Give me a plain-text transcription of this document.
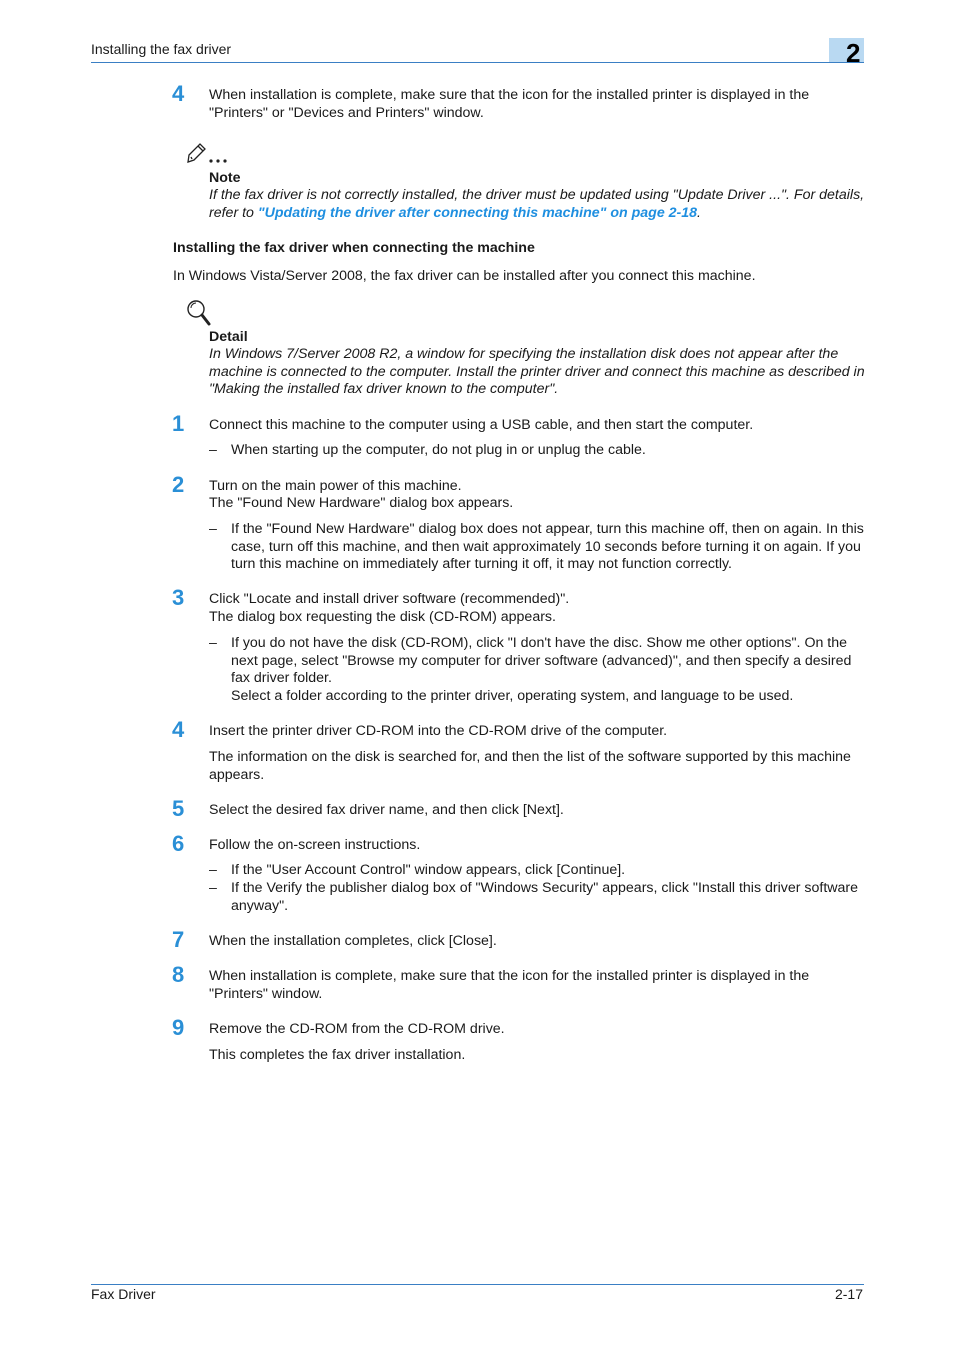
Installing the fax driver	2
4 When installation is complete, make sure that the icon for the installed printer is displayed in the "Printers" or "Devices and Printers" window.
Note
If the fax driver is not correctly installed, the driver must be updated using "Update Driver ...". For details, refer to "Updating the driver after connecting this machine" on page 2-18.
Installing the fax driver when connecting the machine
In Windows Vista/Server 2008, the fax driver can be installed after you connect this machine.
Detail
In Windows 7/Server 2008 R2, a window for specifying the installation disk does not appear after the machine is connected to the computer. Install the printer driver and connect this machine as described in "Making the installed fax driver known to the computer".
1 Connect this machine to the computer using a USB cable, and then start the computer.
– When starting up the computer, do not plug in or unplug the cable.
2 Turn on the main power of this machine.
The "Found New Hardware" dialog box appears.
– If the "Found New Hardware" dialog box does not appear, turn this machine off, then on again. In this case, turn off this machine, and then wait approximately 10 seconds before turning it on again. If you turn this machine on immediately after turning it off, it may not function correctly.
3 Click "Locate and install driver software (recommended)".
The dialog box requesting the disk (CD-ROM) appears.
– If you do not have the disk (CD-ROM), click "I don't have the disc. Show me other options". On the next page, select "Browse my computer for driver software (advanced)", and then specify a desired fax driver folder.
Select a folder according to the printer driver, operating system, and language to be used.
4 Insert the printer driver CD-ROM into the CD-ROM drive of the computer.
The information on the disk is searched for, and then the list of the software supported by this machine appears.
5 Select the desired fax driver name, and then click [Next].
6 Follow the on-screen instructions.
– If the "User Account Control" window appears, click [Continue].
– If the Verify the publisher dialog box of "Windows Security" appears, click "Install this driver software anyway".
7 When the installation completes, click [Close].
8 When installation is complete, make sure that the icon for the installed printer is displayed in the "Printers" window.
9 Remove the CD-ROM from the CD-ROM drive.
This completes the fax driver installation.
Fax Driver	2-17
